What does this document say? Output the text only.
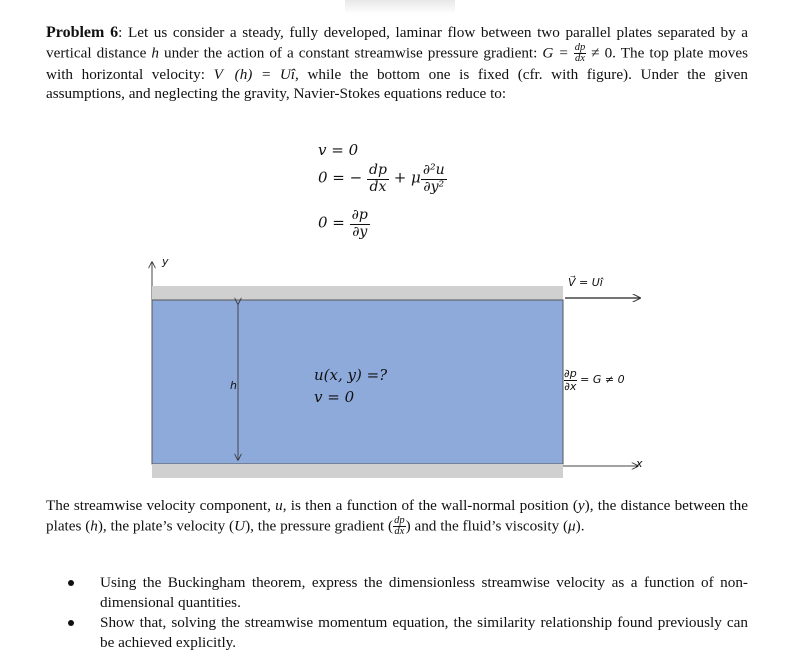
Problem 6: Let us consider a steady, fully developed, laminar flow between two parallel plates separated by a vertical distance h under the action of a constant streamwise pressure gradient: $G = \frac{dp}{dx} \ne 0$. The top plate moves with horizontal velocity: V⃗(h) = Uî, while the bottom one is fixed (cfr. with figure). Under the given assumptions, and neglecting the gravity, Navier-Stokes equations reduce to:
v = 0
0 = − $\frac{dp}{dx} + \mu \frac{\text{∂²u}}{\text{∂y²}}$
$0 = \frac{\partial p}{\partial y}$
y
x
V⃗ = Uî
h
u(x, y) =?
v = 0
$\frac{\partial p}{\partial x} = G \ne 0$
The streamwise velocity component, u, is then a function of the wall-normal position (y), the distance between the plates (h), the plate’s velocity (U), the pressure gradient ( $\frac{dp}{dx}$ ) and the fluid’s viscosity (μ).
Using the Buckingham theorem, express the dimensionless streamwise velocity as a function of non-dimensional quantities.
Show that, solving the streamwise momentum equation, the similarity relationship found previously can be achieved explicitly.
